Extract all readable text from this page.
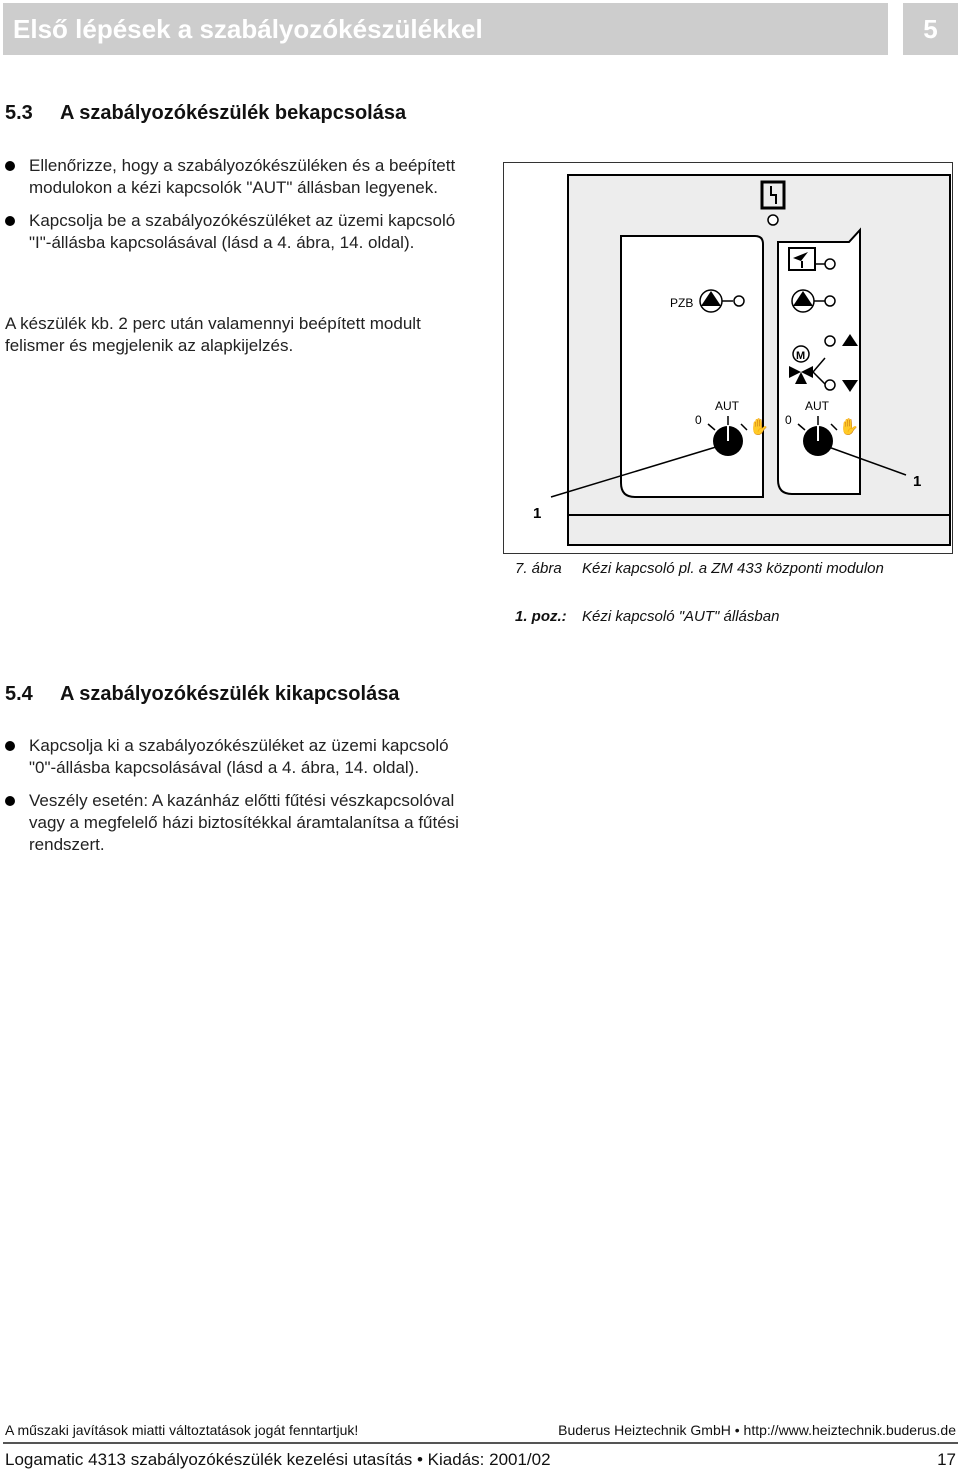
Első lépések a szabályozókészülékkel	5
5.3 A szabályozókészülék bekapcsolása
Ellenőrizze, hogy a szabályozókészüléken és a beépített modulokon a kézi kapcsolók "AUT" állásban legyenek.
Kapcsolja be a szabályozókészüléket az üzemi kapcsoló "I"-állásba kapcsolásával (lásd a 4. ábra, 14. oldal).
A készülék kb. 2 perc után valamennyi beépített modult felismer és megjelenik az alapkijelzés.
PZB
M
AUT
0	✋
AUT
0	✋
1
1
7. ábra Kézi kapcsoló pl. a ZM 433 központi modulon
1. poz.: Kézi kapcsoló "AUT" állásban
5.4 A szabályozókészülék kikapcsolása
Kapcsolja ki a szabályozókészüléket az üzemi kapcsoló "0"-állásba kapcsolásával (lásd a 4. ábra, 14. oldal).
Veszély esetén: A kazánház előtti fűtési vészkapcsolóval vagy a megfelelő házi biztosítékkal áramtalanítsa a fűtési rendszert.
A műszaki javítások miatti változtatások jogát fenntartjuk!	Buderus Heiztechnik GmbH • http://www.heiztechnik.buderus.de
Logamatic 4313 szabályozókészülék kezelési utasítás • Kiadás: 2001/02	17
